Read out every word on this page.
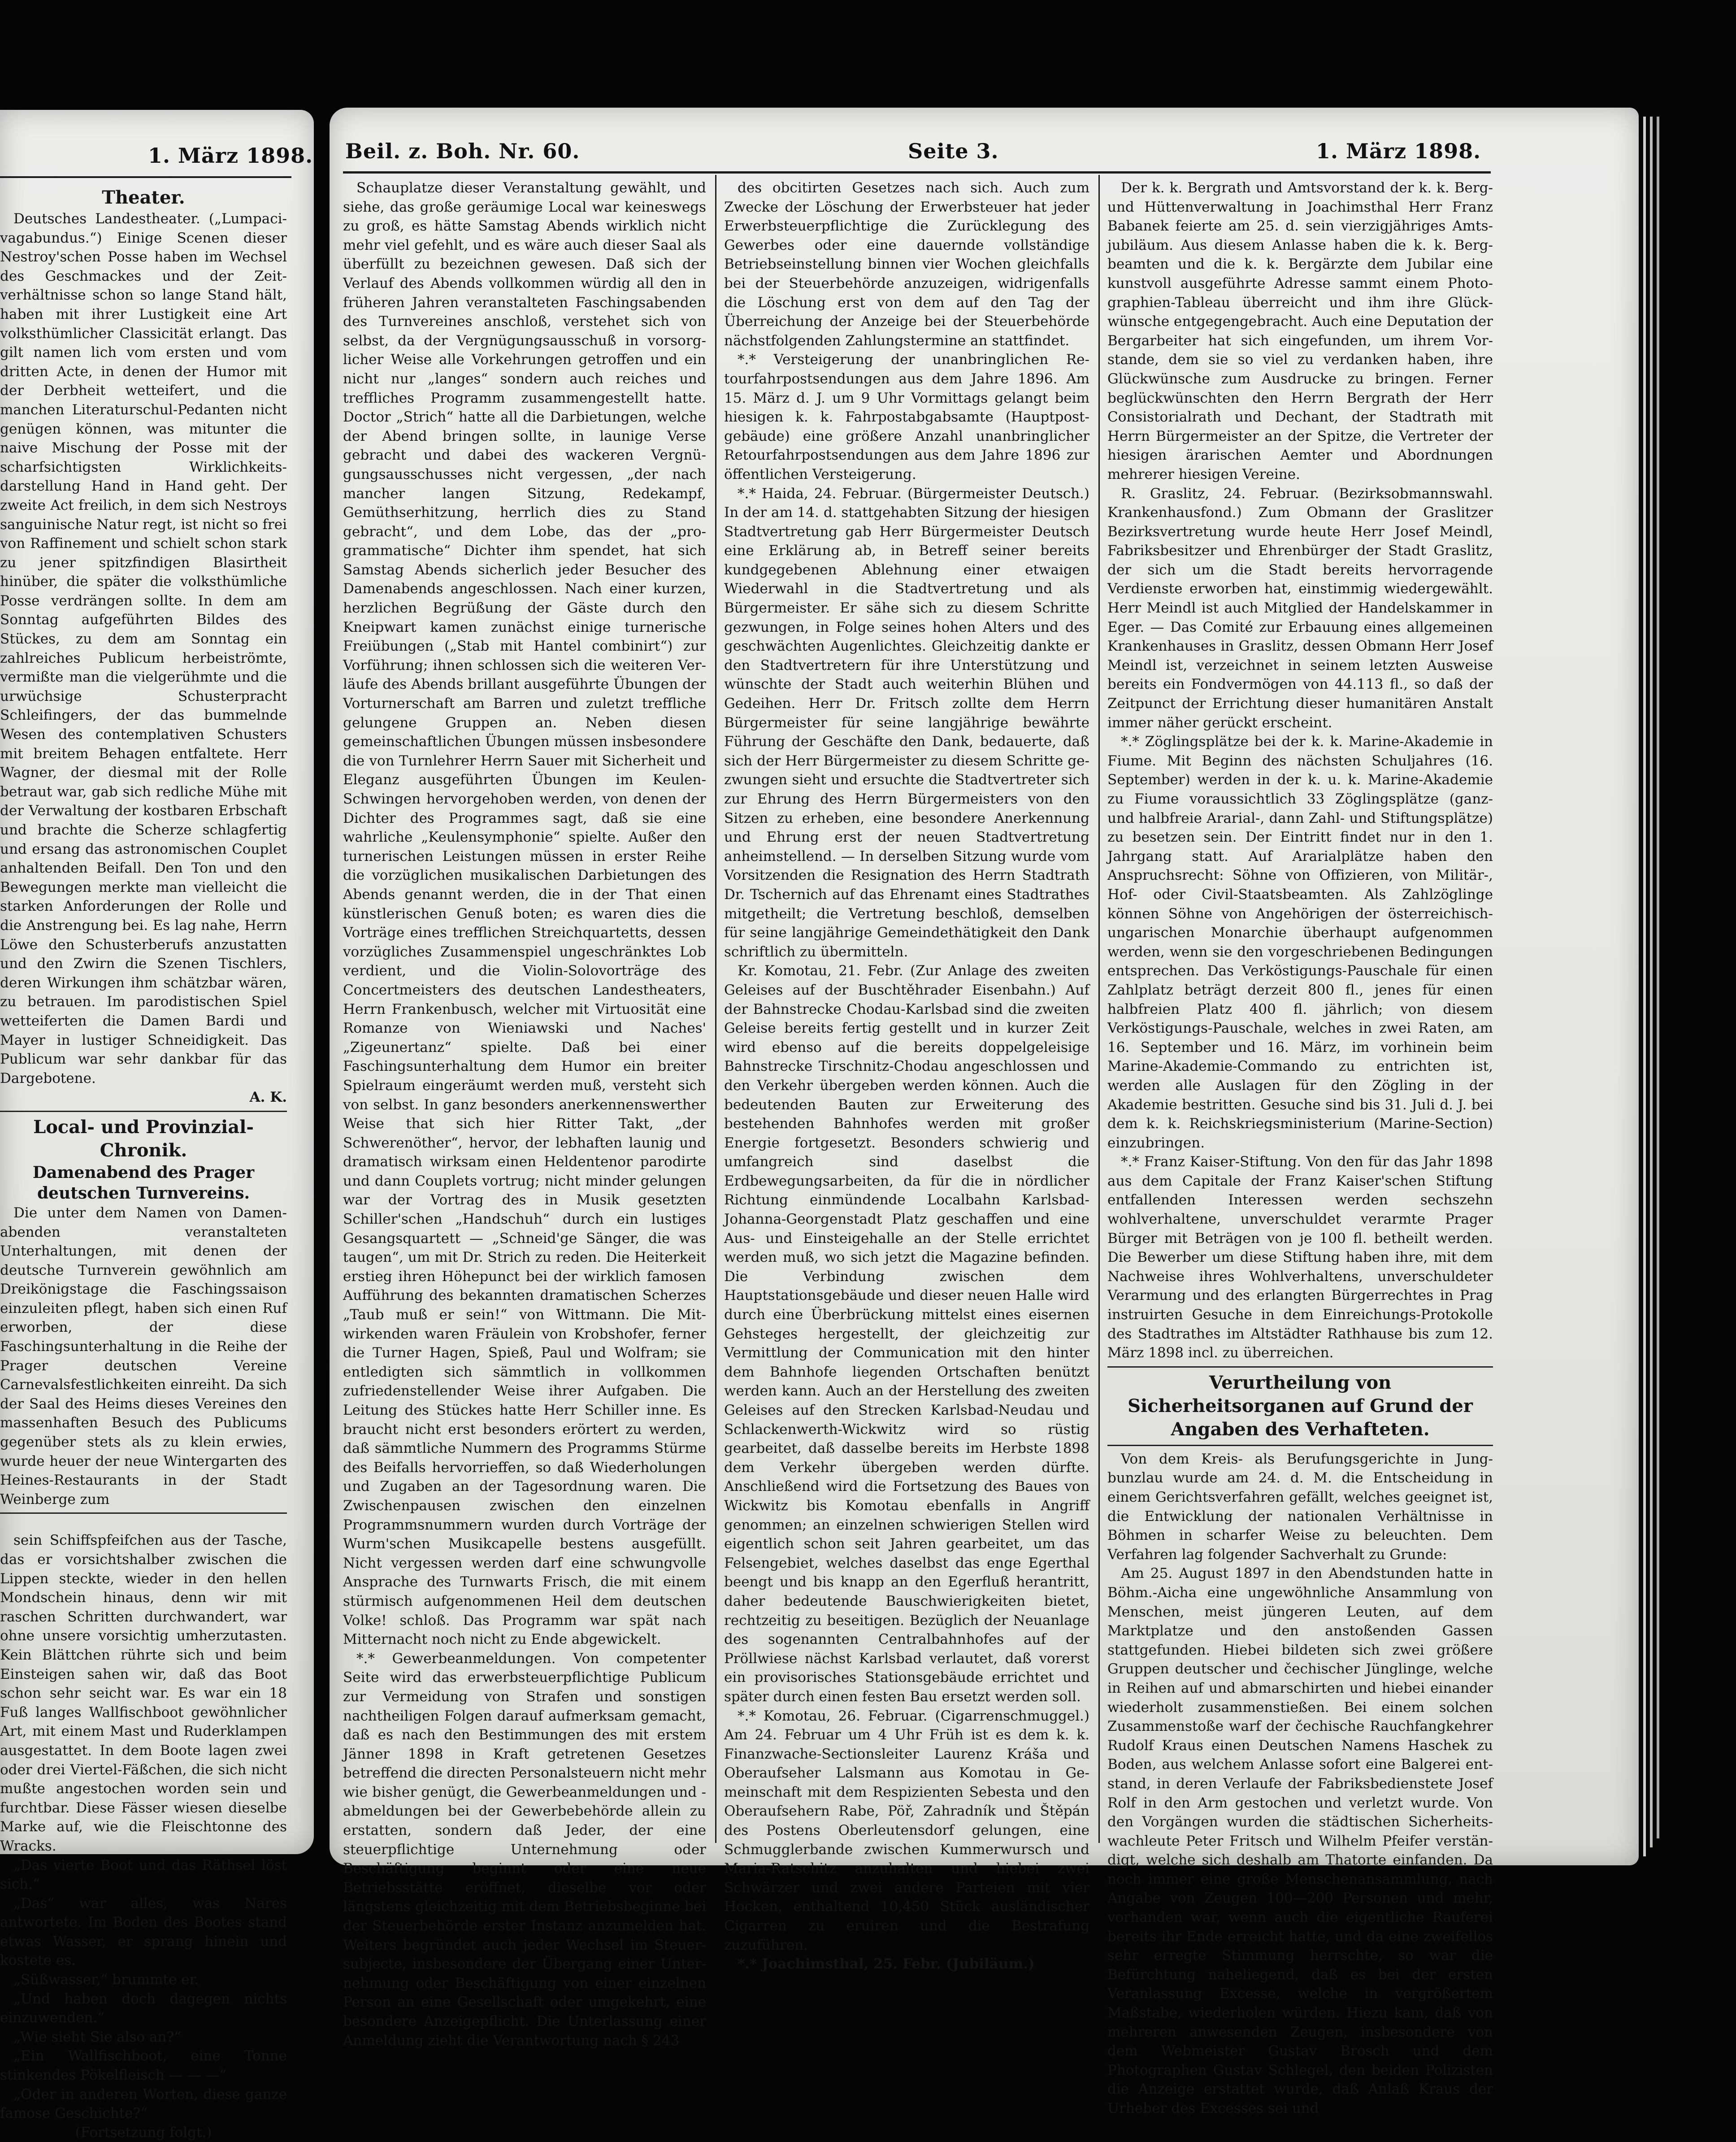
1. März 1898.

Theater.

Deutsches Landestheater. („Lumpacivagabundus.“) Einige Scenen dieser Nestroy'schen Posse haben im Wechsel des Geschmackes und der Zeitverhältnisse schon so lange Stand hält, haben mit ihrer Lustigkeit eine Art volksthümlicher Classicität erlangt. Das gilt namen lich vom ersten und vom dritten Acte, in denen der Humor mit der Derbheit wetteifert, und die manchen Literaturschul-Pedanten nicht genügen können, was mitunter die naive Mischung der Posse mit der scharfsichtigsten Wirklichkeitsdarstellung Hand in Hand geht. Der zweite Act freilich, in dem sich Nestroys sanguinische Natur regt, ist nicht so frei von Raffinement und schielt schon stark zu jener spitzfindigen Blasirtheit hinüber, die später die volksthümliche Posse verdrängen sollte. In dem am Sonntag aufgeführten Bildes des Stückes, zu dem am Sonntag ein zahlreiches Publicum herbeiströmte, vermißte man die vielgerühmte und die urwüchsige Schusterpracht Schleifingers, der das bummelnde Wesen des contemplativen Schusters mit breitem Behagen entfaltete. Herr Wagner, der diesmal mit der Rolle betraut war, gab sich redliche Mühe mit der Verwaltung der kostbaren Erbschaft und brachte die Scherze schlagfertig und ersang das astronomischen Couplet anhaltenden Beifall. Den Ton und den Bewegungen merkte man vielleicht die starken Anforderungen der Rolle und die Anstrengung bei. Es lag nahe, Herrn Löwe den Schusterberufs anzustatten und den Zwirn die Szenen Tischlers, deren Wirkungen ihm schätzbar wären, zu betrauen. Im parodistischen Spiel wetteiferten die Damen Bardi und Mayer in lustiger Schneidigkeit. Das Publicum war sehr dankbar für das Dargebotene.

A. K.

Local- und Provinzial-Chronik.

Damenabend des Prager deutschen Turnvereins.

Die unter dem Namen von Damenabenden veranstalteten Unterhaltungen, mit denen der deutsche Turnverein gewöhnlich am Dreikönigstage die Faschingssaison einzuleiten pflegt, haben sich einen Ruf erworben, der diese Faschingsunterhaltung in die Reihe der Prager deutschen Vereine Carnevalsfestlichkeiten einreiht. Da sich der Saal des Heims dieses Vereines den massenhaften Besuch des Publicums gegenüber stets als zu klein erwies, wurde heuer der neue Wintergarten des Heines-Restaurants in der Stadt Weinberge zum

sein Schiffspfeifchen aus der Tasche, das er vorsichtshalber zwischen die Lippen steckte, wieder in den hellen Mondschein hinaus, denn wir mit raschen Schritten durchwandert, war ohne unsere vorsichtig umherzutasten. Kein Blättchen rührte sich und beim Einsteigen sahen wir, daß das Boot schon sehr seicht war. Es war ein 18 Fuß langes Wallfischboot gewöhnlicher Art, mit einem Mast und Ruderklampen ausgestattet. In dem Boote lagen zwei oder drei Viertel-Fäßchen, die sich nicht mußte angestochen worden sein und furchtbar. Diese Fässer wiesen dieselbe Marke auf, wie die Fleischtonne des Wracks.

„Das vierte Boot und das Räthsel löst sich.“

„Das“ war alles, was Nares antwortete. Im Boden des Bootes stand etwas Wasser, er sprang hinein und kostete es.

„Süßwasser,“ brummte er.

„Und haben doch dagegen nichts einzuwenden.“

„Wie sieht Sie also an?“

„Ein Wallfischboot, eine Tonne stinkendes Pökelfleisch — — —“

„Oder in anderen Worten, diese ganze famose Geschichte?“

(Fortsetzung folgt.)

Beil. z. Boh. Nr. 60.	Seite 3.	1. März 1898.

Schauplatze dieser Veranstaltung gewählt, und siehe, das große geräumige Local war keineswegs zu groß, es hätte Samstag Abends wirklich nicht mehr viel gefehlt, und es wäre auch dieser Saal als überfüllt zu bezeichnen gewesen. Daß sich der Verlauf des Abends vollkommen würdig all den in früheren Jahren veranstalteten Faschingsabenden des Turnvereines anschloß, verstehet sich von selbst, da der Vergnügungsausschuß in vorsorglicher Weise alle Vorkehrungen getroffen und ein nicht nur „langes“ sondern auch reiches und treffliches Programm zusammengestellt hatte. Doctor „Strich“ hatte all die Darbietungen, welche der Abend bringen sollte, in launige Verse gebracht und dabei des wackeren Vergnügungsausschusses nicht vergessen, „der nach mancher langen Sitzung, Redekampf, Gemüthserhitzung, herrlich dies zu Stand gebracht“, und dem Lobe, das der „programmatische“ Dichter ihm spendet, hat sich Samstag Abends sicherlich jeder Besucher des Damenabends angeschlossen. Nach einer kurzen, herzlichen Begrüßung der Gäste durch den Kneipwart kamen zunächst einige turnerische Freiübungen („Stab mit Hantel combinirt“) zur Vorführung; ihnen schlossen sich die weiteren Verläufe des Abends brillant ausgeführte Übungen der Vorturnerschaft am Barren und zuletzt treffliche gelungene Gruppen an. Neben diesen gemeinschaftlichen Übungen müssen insbesondere die von Turnlehrer Herrn Sauer mit Sicherheit und Eleganz ausgeführten Übungen im Keulen-Schwingen hervorgehoben werden, von denen der Dichter des Programmes sagt, daß sie eine wahrliche „Keulensymphonie“ spielte. Außer den turnerischen Leistungen müssen in erster Reihe die vorzüglichen musikalischen Darbietungen des Abends genannt werden, die in der That einen künstlerischen Genuß boten; es waren dies die Vorträge eines trefflichen Streichquartetts, dessen vorzügliches Zusammenspiel ungeschränktes Lob verdient, und die Violin-Solovorträge des Concertmeisters des deutschen Landestheaters, Herrn Frankenbusch, welcher mit Virtuosität eine Romanze von Wieniawski und Naches' „Zigeunertanz“ spielte. Daß bei einer Faschingsunterhaltung dem Humor ein breiter Spielraum eingeräumt werden muß, versteht sich von selbst. In ganz besonders anerkennenswerther Weise that sich hier Ritter Takt, „der Schwerenöther“, hervor, der lebhaften launig und dramatisch wirksam einen Heldentenor parodirte und dann Couplets vortrug; nicht minder gelungen war der Vortrag des in Musik gesetzten Schiller'schen „Handschuh“ durch ein lustiges Gesangsquartett — „Schneid'ge Sänger, die was taugen“, um mit Dr. Strich zu reden. Die Heiterkeit erstieg ihren Höhepunct bei der wirklich famosen Aufführung des bekannten dramatischen Scherzes „Taub muß er sein!“ von Wittmann. Die Mitwirkenden waren Fräulein von Krobshofer, ferner die Turner Hagen, Spieß, Paul und Wolfram; sie entledigten sich sämmtlich in vollkommen zufriedenstellender Weise ihrer Aufgaben. Die Leitung des Stückes hatte Herr Schiller inne. Es braucht nicht erst besonders erörtert zu werden, daß sämmtliche Nummern des Programms Stürme des Beifalls hervorrieffen, so daß Wiederholungen und Zugaben an der Tagesordnung waren. Die Zwischenpausen zwischen den einzelnen Programmsnummern wurden durch Vorträge der Wurm'schen Musikcapelle bestens ausgefüllt. Nicht vergessen werden darf eine schwungvolle Ansprache des Turnwarts Frisch, die mit einem stürmisch aufgenommenen Heil dem deutschen Volke! schloß. Das Programm war spät nach Mitternacht noch nicht zu Ende abgewickelt.

*.* Gewerbeanmeldungen. Von competenter Seite wird das erwerbsteuerpflichtige Publicum zur Vermeidung von Strafen und sonstigen nachtheiligen Folgen darauf aufmerksam gemacht, daß es nach den Bestimmungen des mit erstem Jänner 1898 in Kraft getretenen Gesetzes betreffend die directen Personalsteuern nicht mehr wie bisher genügt, die Gewerbeanmeldungen und -abmeldungen bei der Gewerbebehörde allein zu erstatten, sondern daß Jeder, der eine steuerpflichtige Unternehmung oder Beschäftigung beginnt oder eine neue Betriebsstätte eröffnet, dieselbe vor oder längstens gleichzeitig mit dem Betriebsbeginne bei der Steuerbehörde erster Instanz anzumelden hat. Weiters begründet auch jeder Wechsel im Steuersubjecte, insbesondere der Übergang einer Unternehmung oder Beschäftigung von einer einzelnen Person an eine Gesellschaft oder umgekehrt, eine besondere Anzeigepflicht. Die Unterlassung einer Anmeldung zieht die Verantwortung nach § 243

des obcitirten Gesetzes nach sich. Auch zum Zwecke der Löschung der Erwerbsteuer hat jeder Erwerbsteuerpflichtige die Zurücklegung des Gewerbes oder eine dauernde vollständige Betriebseinstellung binnen vier Wochen gleichfalls bei der Steuerbehörde anzuzeigen, widrigenfalls die Löschung erst von dem auf den Tag der Überreichung der Anzeige bei der Steuerbehörde nächstfolgenden Zahlungstermine an stattfindet.

*.* Versteigerung der unanbringlichen Retourfahrpostsendungen aus dem Jahre 1896. Am 15. März d. J. um 9 Uhr Vormittags gelangt beim hiesigen k. k. Fahrpostabgabsamte (Hauptpostgebäude) eine größere Anzahl unanbringlicher Retourfahrpostsendungen aus dem Jahre 1896 zur öffentlichen Versteigerung.

*.* Haida, 24. Februar. (Bürgermeister Deutsch.) In der am 14. d. stattgehabten Sitzung der hiesigen Stadtvertretung gab Herr Bürgermeister Deutsch eine Erklärung ab, in Betreff seiner bereits kundgegebenen Ablehnung einer etwaigen Wiederwahl in die Stadtvertretung und als Bürgermeister. Er sähe sich zu diesem Schritte gezwungen, in Folge seines hohen Alters und des geschwächten Augenlichtes. Gleichzeitig dankte er den Stadtvertretern für ihre Unterstützung und wünschte der Stadt auch weiterhin Blühen und Gedeihen. Herr Dr. Fritsch zollte dem Herrn Bürgermeister für seine langjährige bewährte Führung der Geschäfte den Dank, bedauerte, daß sich der Herr Bürgermeister zu diesem Schritte gezwungen sieht und ersuchte die Stadtvertreter sich zur Ehrung des Herrn Bürgermeisters von den Sitzen zu erheben, eine besondere Anerkennung und Ehrung erst der neuen Stadtvertretung anheimstellend. — In derselben Sitzung wurde vom Vorsitzenden die Resignation des Herrn Stadtrath Dr. Tschernich auf das Ehrenamt eines Stadtrathes mitgetheilt; die Vertretung beschloß, demselben für seine langjährige Gemeindethätigkeit den Dank schriftlich zu übermitteln.

Kr. Komotau, 21. Febr. (Zur Anlage des zweiten Geleises auf der Buschtěhrader Eisenbahn.) Auf der Bahnstrecke Chodau-Karlsbad sind die zweiten Geleise bereits fertig gestellt und in kurzer Zeit wird ebenso auf die bereits doppelgeleisige Bahnstrecke Tirschnitz-Chodau angeschlossen und den Verkehr übergeben werden können. Auch die bedeutenden Bauten zur Erweiterung des bestehenden Bahnhofes werden mit großer Energie fortgesetzt. Besonders schwierig und umfangreich sind daselbst die Erdbewegungsarbeiten, da für die in nördlicher Richtung einmündende Localbahn Karlsbad-Johanna-Georgenstadt Platz geschaffen und eine Aus- und Einsteigehalle an der Stelle errichtet werden muß, wo sich jetzt die Magazine befinden. Die Verbindung zwischen dem Hauptstationsgebäude und dieser neuen Halle wird durch eine Überbrückung mittelst eines eisernen Gehsteges hergestellt, der gleichzeitig zur Vermittlung der Communication mit den hinter dem Bahnhofe liegenden Ortschaften benützt werden kann. Auch an der Herstellung des zweiten Geleises auf den Strecken Karlsbad-Neudau und Schlackenwerth-Wickwitz wird so rüstig gearbeitet, daß dasselbe bereits im Herbste 1898 dem Verkehr übergeben werden dürfte. Anschließend wird die Fortsetzung des Baues von Wickwitz bis Komotau ebenfalls in Angriff genommen; an einzelnen schwierigen Stellen wird eigentlich schon seit Jahren gearbeitet, um das Felsengebiet, welches daselbst das enge Egerthal beengt und bis knapp an den Egerfluß herantritt, daher bedeutende Bauschwierigkeiten bietet, rechtzeitig zu beseitigen. Bezüglich der Neuanlage des sogenannten Centralbahnhofes auf der Pröllwiese nächst Karlsbad verlautet, daß vorerst ein provisorisches Stationsgebäude errichtet und später durch einen festen Bau ersetzt werden soll.

*.* Komotau, 26. Februar. (Cigarrenschmuggel.) Am 24. Februar um 4 Uhr Früh ist es dem k. k. Finanzwache-Sectionsleiter Laurenz Kráša und Oberaufseher Lalsmann aus Komotau in Gemeinschaft mit dem Respizienten Sebesta und den Oberaufsehern Rabe, Pöř, Zahradník und Štěpán des Postens Oberleutensdorf gelungen, eine Schmugglerbande zwischen Kummerwursch und Maria-Ratschitz anzuhalten und hiebei zwei Schwärzer und zwei andere Parteien mit vier Hocken, enthaltend 10,450 Stück ausländischer Cigarren zu eruiren und die Bestrafung zuzuführen.

*.* Joachimsthal, 25. Febr. (Jubiläum.)

Der k. k. Bergrath und Amtsvorstand der k. k. Berg- und Hüttenverwaltung in Joachimsthal Herr Franz Babanek feierte am 25. d. sein vierzigjähriges Amtsjubiläum. Aus diesem Anlasse haben die k. k. Bergbeamten und die k. k. Bergärzte dem Jubilar eine kunstvoll ausgeführte Adresse sammt einem Photographien-Tableau überreicht und ihm ihre Glückwünsche entgegengebracht. Auch eine Deputation der Bergarbeiter hat sich eingefunden, um ihrem Vorstande, dem sie so viel zu verdanken haben, ihre Glückwünsche zum Ausdrucke zu bringen. Ferner beglückwünschten den Herrn Bergrath der Herr Consistorialrath und Dechant, der Stadtrath mit Herrn Bürgermeister an der Spitze, die Vertreter der hiesigen ärarischen Aemter und Abordnungen mehrerer hiesigen Vereine.

R. Graslitz, 24. Februar. (Bezirksobmannswahl. Krankenhausfond.) Zum Obmann der Graslitzer Bezirksvertretung wurde heute Herr Josef Meindl, Fabriksbesitzer und Ehrenbürger der Stadt Graslitz, der sich um die Stadt bereits hervorragende Verdienste erworben hat, einstimmig wiedergewählt. Herr Meindl ist auch Mitglied der Handelskammer in Eger. — Das Comité zur Erbauung eines allgemeinen Krankenhauses in Graslitz, dessen Obmann Herr Josef Meindl ist, verzeichnet in seinem letzten Ausweise bereits ein Fondvermögen von 44.113 fl., so daß der Zeitpunct der Errichtung dieser humanitären Anstalt immer näher gerückt erscheint.

*.* Zöglingsplätze bei der k. k. Marine-Akademie in Fiume. Mit Beginn des nächsten Schuljahres (16. September) werden in der k. u. k. Marine-Akademie zu Fiume voraussichtlich 33 Zöglingsplätze (ganz- und halbfreie Ararial-, dann Zahl- und Stiftungsplätze) zu besetzen sein. Der Eintritt findet nur in den 1. Jahrgang statt. Auf Ararialplätze haben den Anspruchsrecht: Söhne von Offizieren, von Militär-, Hof- oder Civil-Staatsbeamten. Als Zahlzöglinge können Söhne von Angehörigen der österreichisch-ungarischen Monarchie überhaupt aufgenommen werden, wenn sie den vorgeschriebenen Bedingungen entsprechen. Das Verköstigungs-Pauschale für einen Zahlplatz beträgt derzeit 800 fl., jenes für einen halbfreien Platz 400 fl. jährlich; von diesem Verköstigungs-Pauschale, welches in zwei Raten, am 16. September und 16. März, im vorhinein beim Marine-Akademie-Commando zu entrichten ist, werden alle Auslagen für den Zögling in der Akademie bestritten. Gesuche sind bis 31. Juli d. J. bei dem k. k. Reichskriegsministerium (Marine-Section) einzubringen.

*.* Franz Kaiser-Stiftung. Von den für das Jahr 1898 aus dem Capitale der Franz Kaiser'schen Stiftung entfallenden Interessen werden sechszehn wohlverhaltene, unverschuldet verarmte Prager Bürger mit Beträgen von je 100 fl. betheilt werden. Die Bewerber um diese Stiftung haben ihre, mit dem Nachweise ihres Wohlverhaltens, unverschuldeter Verarmung und des erlangten Bürgerrechtes in Prag instruirten Gesuche in dem Einreichungs-Protokolle des Stadtrathes im Altstädter Rathhause bis zum 12. März 1898 incl. zu überreichen.

Verurtheilung von Sicherheitsorganen auf Grund der Angaben des Verhafteten.

Von dem Kreis- als Berufungsgerichte in Jungbunzlau wurde am 24. d. M. die Entscheidung in einem Gerichtsverfahren gefällt, welches geeignet ist, die Entwicklung der nationalen Verhältnisse in Böhmen in scharfer Weise zu beleuchten. Dem Verfahren lag folgender Sachverhalt zu Grunde:

Am 25. August 1897 in den Abendstunden hatte in Böhm.-Aicha eine ungewöhnliche Ansammlung von Menschen, meist jüngeren Leuten, auf dem Marktplatze und den anstoßenden Gassen stattgefunden. Hiebei bildeten sich zwei größere Gruppen deutscher und čechischer Jünglinge, welche in Reihen auf und abmarschirten und hiebei einander wiederholt zusammenstießen. Bei einem solchen Zusammenstoße warf der čechische Rauchfangkehrer Rudolf Kraus einen Deutschen Namens Haschek zu Boden, aus welchem Anlasse sofort eine Balgerei entstand, in deren Verlaufe der Fabriksbedienstete Josef Rolf in den Arm gestochen und verletzt wurde. Von den Vorgängen wurden die städtischen Sicherheitswachleute Peter Fritsch und Wilhelm Pfeifer verständigt, welche sich deshalb am Thatorte einfanden. Da noch immer eine große Menschenansammlung, nach Angabe von Zeugen 100—200 Personen und mehr, vorhanden war, wenn auch die eigentliche Rauferei bereits ihr Ende erreicht hatte, und da eine zweifellos sehr erregte Stimmung herrschte, so war die Befürchtung naheliegend, daß es bei der ersten Veranlassung Excesse, welche in vergrößertem Maßstabe, wiederholen würden. Hiezu kam, daß von mehreren anwesenden Zeugen, insbesondere von dem Webmeister Gustav Brosch und dem Photographen Gustav Schlegel, den beiden Polizisten die Anzeige erstattet wurde, daß Anlaß Kraus der Urheber des Excesses sei und
